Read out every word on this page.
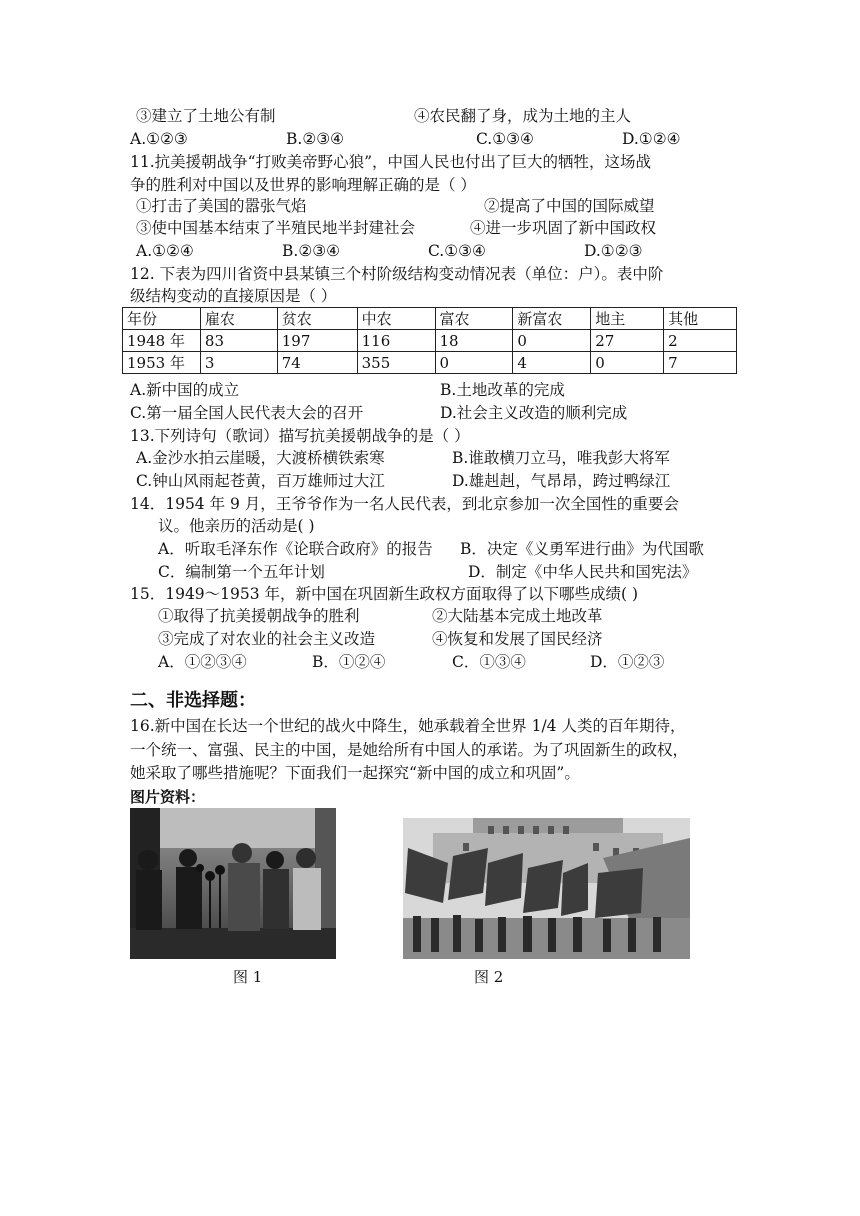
③建立了土地公有制	④农民翻了身，成为土地的主人
A.①②③	B.②③④	C.①③④	D.①②④
11.抗美援朝战争“打败美帝野心狼”，中国人民也付出了巨大的牺牲，这场战
争的胜利对中国以及世界的影响理解正确的是（ ）
①打击了美国的嚣张气焰	②提高了中国的国际威望
③使中国基本结束了半殖民地半封建社会	④进一步巩固了新中国政权
A.①②④	B.②③④	C.①③④	D.①②③
12. 下表为四川省资中县某镇三个村阶级结构变动情况表（单位：户）。表中阶
级结构变动的直接原因是（ ）
年份	雇农	贫农	中农	富农	新富农	地主	其他
1948 年	83	197	116	18	0	27	2
1953 年	3	74	355	0	4	0	7
A.新中国的成立	B.土地改革的完成
C.第一届全国人民代表大会的召开	D.社会主义改造的顺利完成
13.下列诗句（歌词）描写抗美援朝战争的是（ ）
A.金沙水拍云崖暖，大渡桥横铁索寒	B.谁敢横刀立马，唯我彭大将军
C.钟山风雨起苍黄，百万雄师过大江	D.雄赳赳，气昂昂，跨过鸭绿江
14．1954 年 9 月，王爷爷作为一名人民代表，到北京参加一次全国性的重要会
议。他亲历的活动是( )
A．听取毛泽东作《论联合政府》的报告 B．决定《义勇军进行曲》为代国歌
C．编制第一个五年计划	D．制定《中华人民共和国宪法》
15．1949～1953 年，新中国在巩固新生政权方面取得了以下哪些成绩( )
①取得了抗美援朝战争的胜利	②大陆基本完成土地改革
③完成了对农业的社会主义改造	④恢复和发展了国民经济
A．①②③④	B．①②④	C．①③④	D．①②③
二、非选择题：
16.新中国在长达一个世纪的战火中降生，她承载着全世界 1/4 人类的百年期待，
一个统一、富强、民主的中国，是她给所有中国人的承诺。为了巩固新生的政权，
她采取了哪些措施呢？下面我们一起探究“新中国的成立和巩固”。
图片资料：
图 1	图 2
